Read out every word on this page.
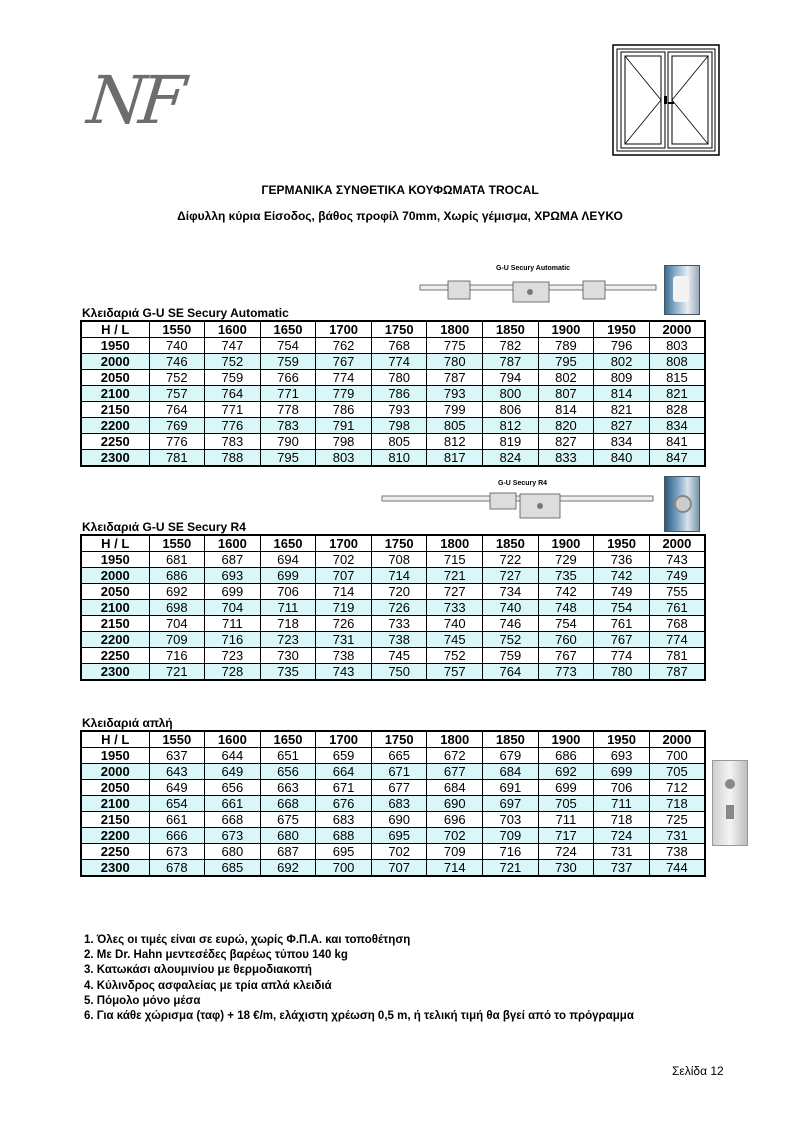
NF
ΓΕΡΜΑΝΙΚΑ ΣΥΝΘΕΤΙΚΑ ΚΟΥΦΩΜΑΤΑ TROCAL
Δίφυλλη κύρια Είσοδος, βάθος προφίλ 70mm, Χωρίς γέμισμα, ΧΡΩΜΑ ΛΕΥΚΟ
G-U Secury Automatic
Κλειδαριά G-U SE Secury Automatic
H / L	1550	1600	1650	1700	1750	1800	1850	1900	1950	2000
1950	740	747	754	762	768	775	782	789	796	803
2000	746	752	759	767	774	780	787	795	802	808
2050	752	759	766	774	780	787	794	802	809	815
2100	757	764	771	779	786	793	800	807	814	821
2150	764	771	778	786	793	799	806	814	821	828
2200	769	776	783	791	798	805	812	820	827	834
2250	776	783	790	798	805	812	819	827	834	841
2300	781	788	795	803	810	817	824	833	840	847
G-U Secury R4
Κλειδαριά G-U SE Secury R4
H / L	1550	1600	1650	1700	1750	1800	1850	1900	1950	2000
1950	681	687	694	702	708	715	722	729	736	743
2000	686	693	699	707	714	721	727	735	742	749
2050	692	699	706	714	720	727	734	742	749	755
2100	698	704	711	719	726	733	740	748	754	761
2150	704	711	718	726	733	740	746	754	761	768
2200	709	716	723	731	738	745	752	760	767	774
2250	716	723	730	738	745	752	759	767	774	781
2300	721	728	735	743	750	757	764	773	780	787
Κλειδαριά απλή
H / L	1550	1600	1650	1700	1750	1800	1850	1900	1950	2000
1950	637	644	651	659	665	672	679	686	693	700
2000	643	649	656	664	671	677	684	692	699	705
2050	649	656	663	671	677	684	691	699	706	712
2100	654	661	668	676	683	690	697	705	711	718
2150	661	668	675	683	690	696	703	711	718	725
2200	666	673	680	688	695	702	709	717	724	731
2250	673	680	687	695	702	709	716	724	731	738
2300	678	685	692	700	707	714	721	730	737	744
1. Όλες οι τιμές είναι σε ευρώ, χωρίς Φ.Π.Α. και τοποθέτηση
2. Με Dr. Hahn μεντεσέδες βαρέως τύπου 140 kg
3. Κατωκάσι αλουμινίου με θερμοδιακοπή
4. Κύλινδρος ασφαλείας με τρία απλά κλειδιά
5. Πόμολο μόνο μέσα
6. Για κάθε χώρισμα (ταφ) + 18 €/m, ελάχιστη χρέωση 0,5 m, ή τελική τιμή θα βγεί από το πρόγραμμα
Σελίδα 12
